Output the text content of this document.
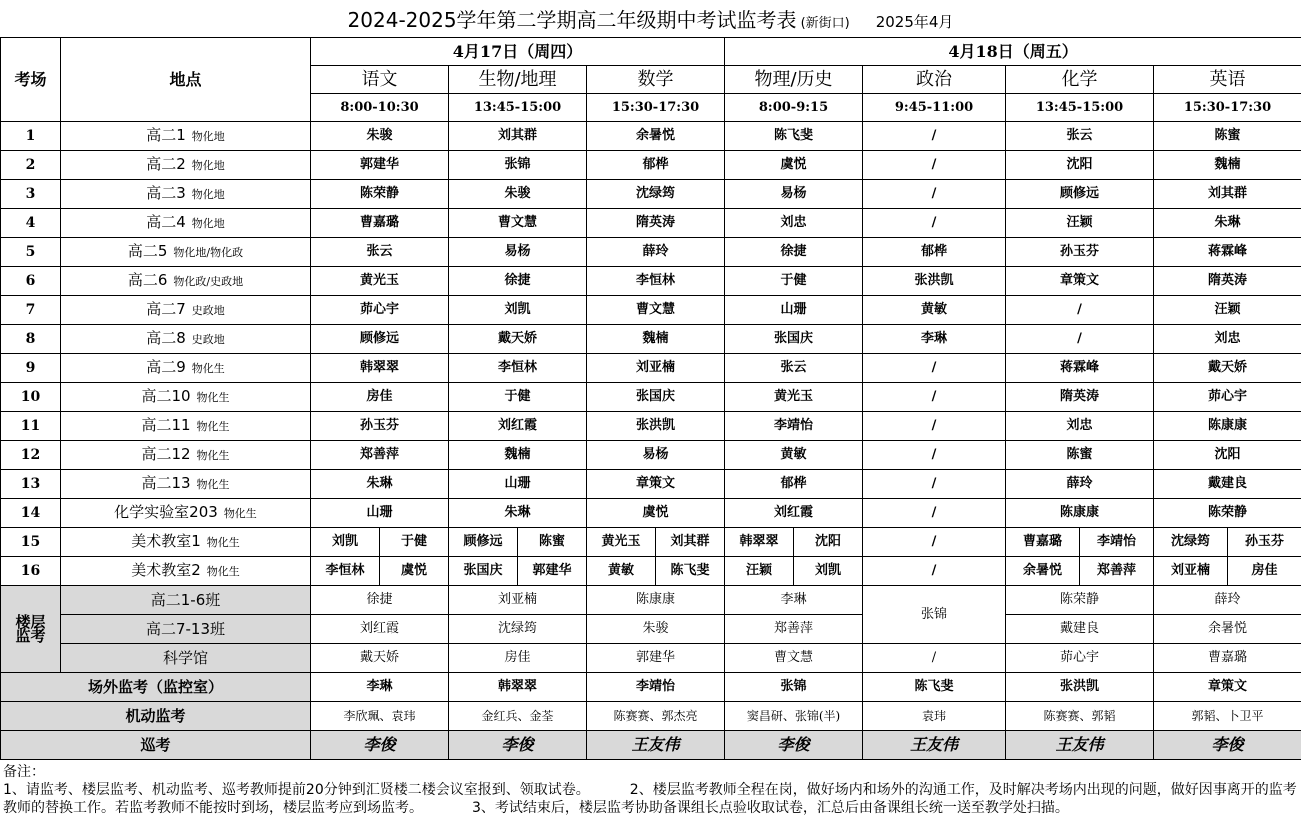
2024-2025学年第二学期高二年级期中考试监考表 (新街口) 2025年4月
考场	地点	4月17日（周四）						4月18日（周五）						
		语文		生物/地理		数学		物理/历史		政治	化学		英语	
		8:00-10:30		13:45-15:00		15:30-17:30		8:00-9:15		9:45-11:00	13:45-15:00		15:30-17:30	
1	高二1 物化地	朱骏		刘其群		余暑悦		陈飞斐		/	张云		陈蜜	
2	高二2 物化地	郭建华		张锦		郁桦		虞悦		/	沈阳		魏楠	
3	高二3 物化地	陈荣静		朱骏		沈绿筠		易杨		/	顾修远		刘其群	
4	高二4 物化地	曹嘉璐		曹文慧		隋英涛		刘忠		/	汪颖		朱琳	
5	高二5 物化地/物化政	张云		易杨		薛玲		徐捷		郁桦	孙玉芬		蒋霖峰	
6	高二6 物化政/史政地	黄光玉		徐捷		李恒林		于健		张洪凯	章策文		隋英涛	
7	高二7 史政地	茆心宇		刘凯		曹文慧		山珊		黄敏	/		汪颖	
8	高二8 史政地	顾修远		戴天娇		魏楠		张国庆		李琳	/		刘忠	
9	高二9 物化生	韩翠翠		李恒林		刘亚楠		张云		/	蒋霖峰		戴天娇	
10	高二10 物化生	房佳		于健		张国庆		黄光玉		/	隋英涛		茆心宇	
11	高二11 物化生	孙玉芬		刘红霞		张洪凯		李靖怡		/	刘忠		陈康康	
12	高二12 物化生	郑善萍		魏楠		易杨		黄敏		/	陈蜜		沈阳	
13	高二13 物化生	朱琳		山珊		章策文		郁桦		/	薛玲		戴建良	
14	化学实验室203 物化生	山珊		朱琳		虞悦		刘红霞		/	陈康康		陈荣静	
15	美术教室1 物化生	刘凯	于健	顾修远	陈蜜	黄光玉	刘其群	韩翠翠	沈阳	/	曹嘉璐	李靖怡	沈绿筠	孙玉芬
16	美术教室2 物化生	李恒林	虞悦	张国庆	郭建华	黄敏	陈飞斐	汪颖	刘凯	/	余暑悦	郑善萍	刘亚楠	房佳
楼层
监考	高二1-6班	徐捷		刘亚楠		陈康康		李琳		张锦	陈荣静		薛玲	
	高二7-13班	刘红霞		沈绿筠		朱骏		郑善萍			戴建良		余暑悦	
	科学馆	戴天娇		房佳		郭建华		曹文慧		/	茆心宇		曹嘉璐	
场外监考（监控室）		李琳		韩翠翠		李靖怡		张锦		陈飞斐	张洪凯		章策文	
机动监考		李欣珮、袁玮		金红兵、金荃		陈赛赛、郭杰亮		窦昌研、张锦(半)		袁玮	陈赛赛、郭韬		郭韬、卜卫平	
巡考		李俊		李俊		王友伟		李俊		王友伟	王友伟		李俊	
备注：
1、请监考、楼层监考、机动监考、巡考教师提前20分钟到汇贤楼二楼会议室报到、领取试卷。	2、楼层监考教师全程在岗，做好场内和场外的沟通工作，及时解决考场内出现的问题，做好因事离开的监考教师的替换工作。若监考教师不能按时到场，楼层监考应到场监考。	3、考试结束后，楼层监考协助备课组长点验收取试卷，汇总后由备课组长统一送至教学处扫描。
